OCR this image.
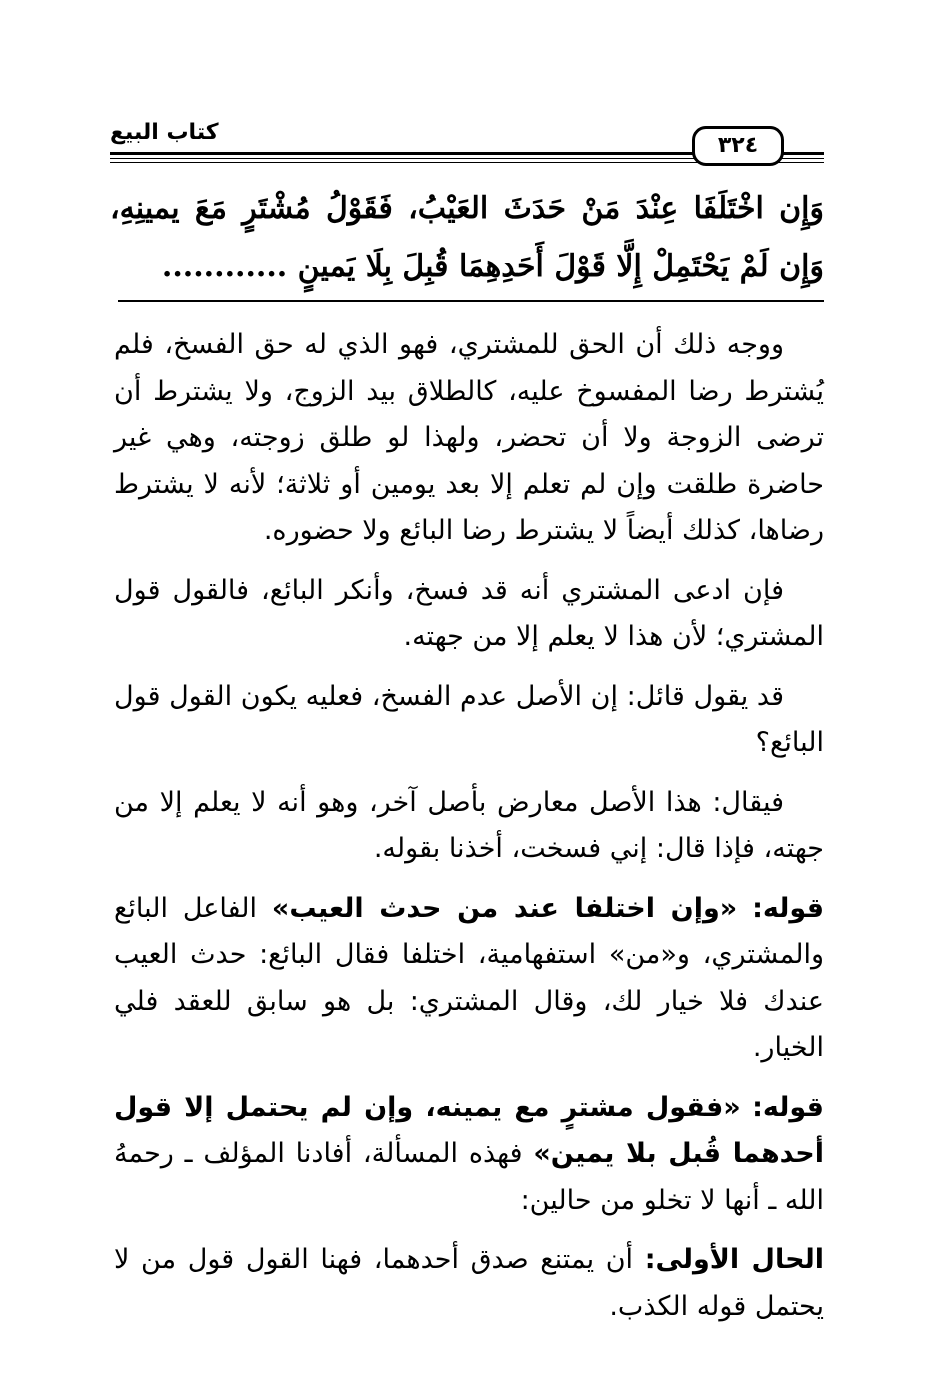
كتاب البيع
٣٢٤
وَإِن اخْتَلَفَا عِنْدَ مَنْ حَدَثَ العَيْبُ، فَقَوْلُ مُشْتَرٍ مَعَ يمينِهِ،
وَإِن لَمْ يَحْتَمِلْ إِلَّا قَوْلَ أَحَدِهِمَا قُبِلَ بِلَا يَمينٍ ............

ووجه ذلك أن الحق للمشتري، فهو الذي له حق الفسخ، فلم يُشترط رضا المفسوخ عليه، كالطلاق بيد الزوج، ولا يشترط أن ترضى الزوجة ولا أن تحضر، ولهذا لو طلق زوجته، وهي غير حاضرة طلقت وإن لم تعلم إلا بعد يومين أو ثلاثة؛ لأنه لا يشترط رضاها، كذلك أيضاً لا يشترط رضا البائع ولا حضوره.

فإن ادعى المشتري أنه قد فسخ، وأنكر البائع، فالقول قول المشتري؛ لأن هذا لا يعلم إلا من جهته.

قد يقول قائل: إن الأصل عدم الفسخ، فعليه يكون القول قول البائع؟

فيقال: هذا الأصل معارض بأصل آخر، وهو أنه لا يعلم إلا من جهته، فإذا قال: إني فسخت، أخذنا بقوله.

قوله: «وإن اختلفا عند من حدث العيب» الفاعل البائع والمشتري، و«من» استفهامية، اختلفا فقال البائع: حدث العيب عندك فلا خيار لك، وقال المشتري: بل هو سابق للعقد فلي الخيار.

قوله: «فقول مشترٍ مع يمينه، وإن لم يحتمل إلا قول أحدهما قُبل بلا يمين» فهذه المسألة، أفادنا المؤلف ـ رحمهُ الله ـ أنها لا تخلو من حالين:

الحال الأولى: أن يمتنع صدق أحدهما، فهنا القول قول من لا يحتمل قوله الكذب.
